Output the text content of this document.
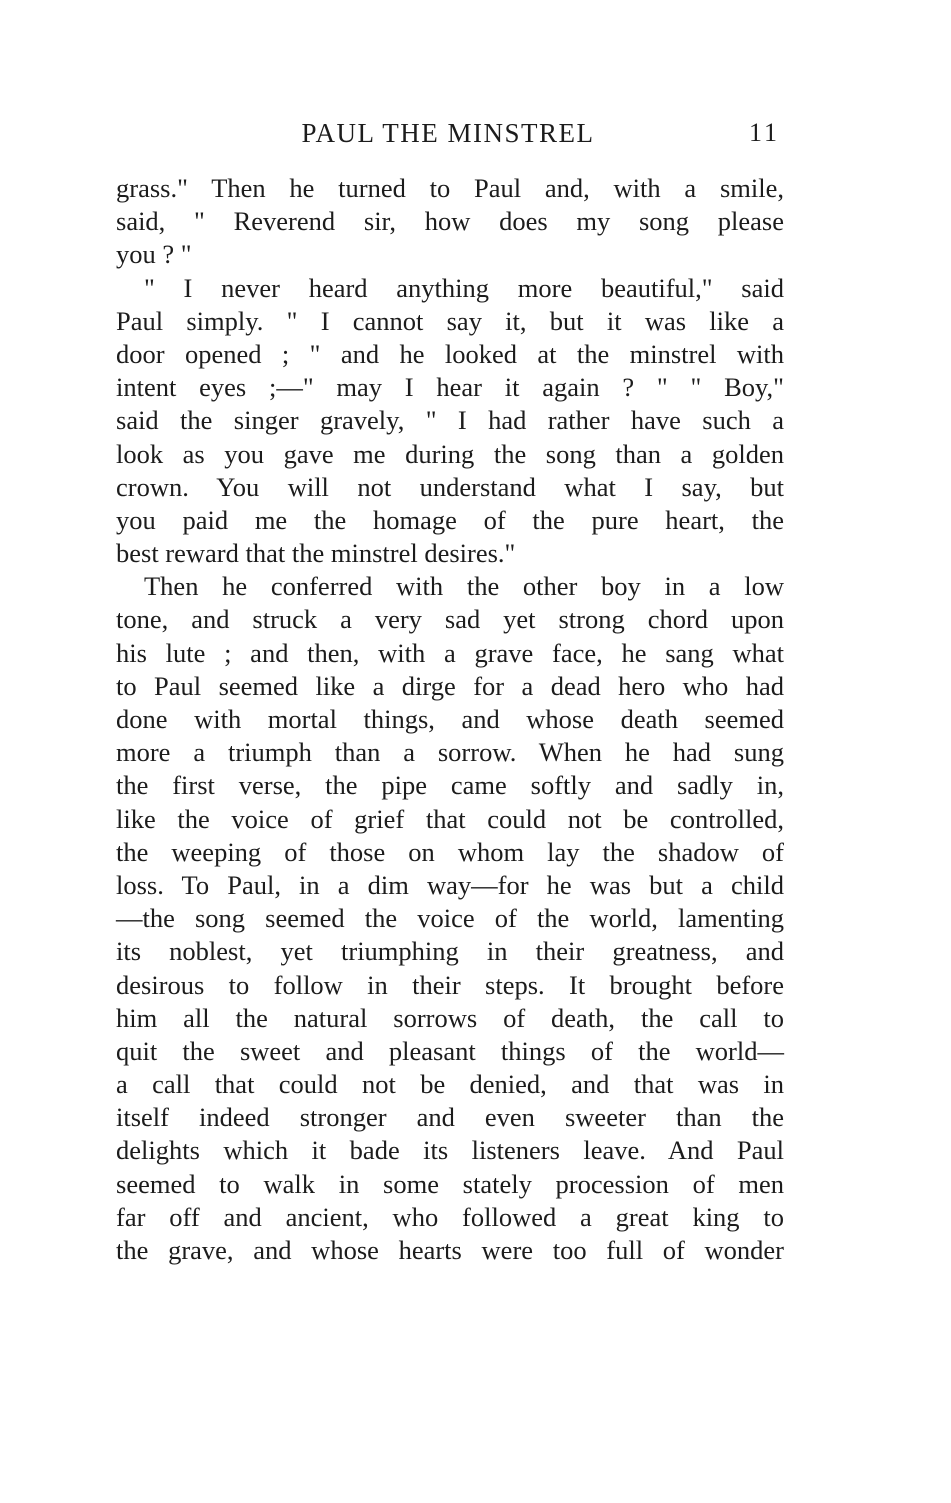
PAUL THE MINSTREL	11
grass." Then he turned to Paul and, with a smile,
said, " Reverend sir, how does my song please
you ? "
" I never heard anything more beautiful," said
Paul simply. " I cannot say it, but it was like a
door opened ; " and he looked at the minstrel with
intent eyes ;—" may I hear it again ? " " Boy,"
said the singer gravely, " I had rather have such a
look as you gave me during the song than a golden
crown. You will not understand what I say, but
you paid me the homage of the pure heart, the
best reward that the minstrel desires."
Then he conferred with the other boy in a low
tone, and struck a very sad yet strong chord upon
his lute ; and then, with a grave face, he sang what
to Paul seemed like a dirge for a dead hero who had
done with mortal things, and whose death seemed
more a triumph than a sorrow. When he had sung
the first verse, the pipe came softly and sadly in,
like the voice of grief that could not be controlled,
the weeping of those on whom lay the shadow of
loss. To Paul, in a dim way—for he was but a child
—the song seemed the voice of the world, lamenting
its noblest, yet triumphing in their greatness, and
desirous to follow in their steps. It brought before
him all the natural sorrows of death, the call to
quit the sweet and pleasant things of the world—
a call that could not be denied, and that was in
itself indeed stronger and even sweeter than the
delights which it bade its listeners leave. And Paul
seemed to walk in some stately procession of men
far off and ancient, who followed a great king to
the grave, and whose hearts were too full of wonder
